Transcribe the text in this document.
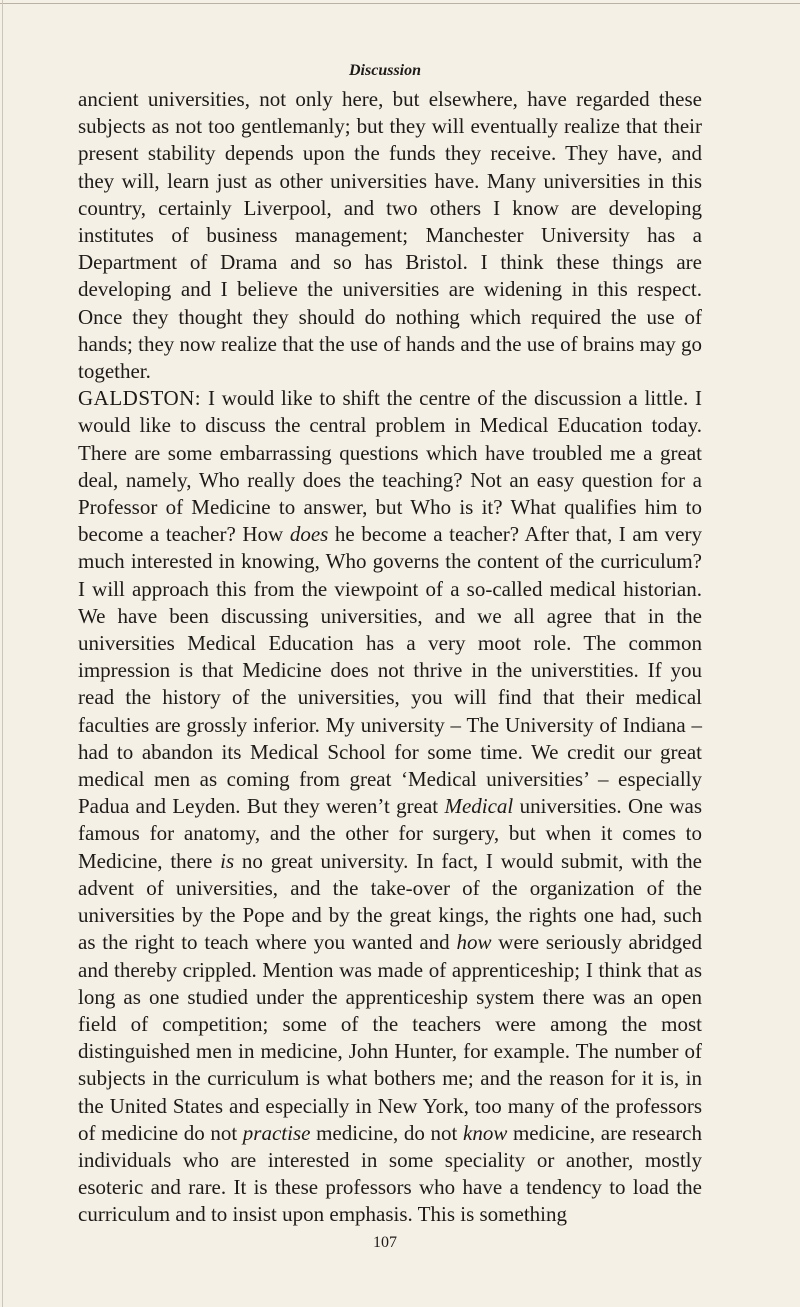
Discussion

ancient universities, not only here, but elsewhere, have regarded these subjects as not too gentlemanly; but they will eventually realize that their present stability depends upon the funds they receive. They have, and they will, learn just as other universities have. Many universities in this country, certainly Liverpool, and two others I know are developing institutes of business management; Manchester University has a Department of Drama and so has Bristol. I think these things are developing and I believe the universities are widening in this respect. Once they thought they should do nothing which required the use of hands; they now realize that the use of hands and the use of brains may go together.

GALDSTON: I would like to shift the centre of the discussion a little. I would like to discuss the central problem in Medical Education today. There are some embarrassing questions which have troubled me a great deal, namely, Who really does the teaching? Not an easy question for a Professor of Medicine to answer, but Who is it? What qualifies him to become a teacher? How does he become a teacher? After that, I am very much interested in knowing, Who governs the content of the curriculum? I will approach this from the viewpoint of a so-called medical historian. We have been discussing universities, and we all agree that in the universities Medical Education has a very moot role. The common impression is that Medicine does not thrive in the universtities. If you read the history of the universities, you will find that their medical faculties are grossly inferior. My university – The University of Indiana – had to abandon its Medical School for some time. We credit our great medical men as coming from great ‘Medical universities’ – especially Padua and Leyden. But they weren’t great Medical universities. One was famous for anatomy, and the other for surgery, but when it comes to Medicine, there is no great university. In fact, I would submit, with the advent of universities, and the take-over of the organization of the universities by the Pope and by the great kings, the rights one had, such as the right to teach where you wanted and how were seriously abridged and thereby crippled. Mention was made of apprenticeship; I think that as long as one studied under the apprenticeship system there was an open field of competition; some of the teachers were among the most distinguished men in medicine, John Hunter, for example. The number of subjects in the curriculum is what bothers me; and the reason for it is, in the United States and especially in New York, too many of the professors of medicine do not practise medicine, do not know medicine, are research individuals who are interested in some speciality or another, mostly esoteric and rare. It is these professors who have a tendency to load the curriculum and to insist upon emphasis. This is something

107
